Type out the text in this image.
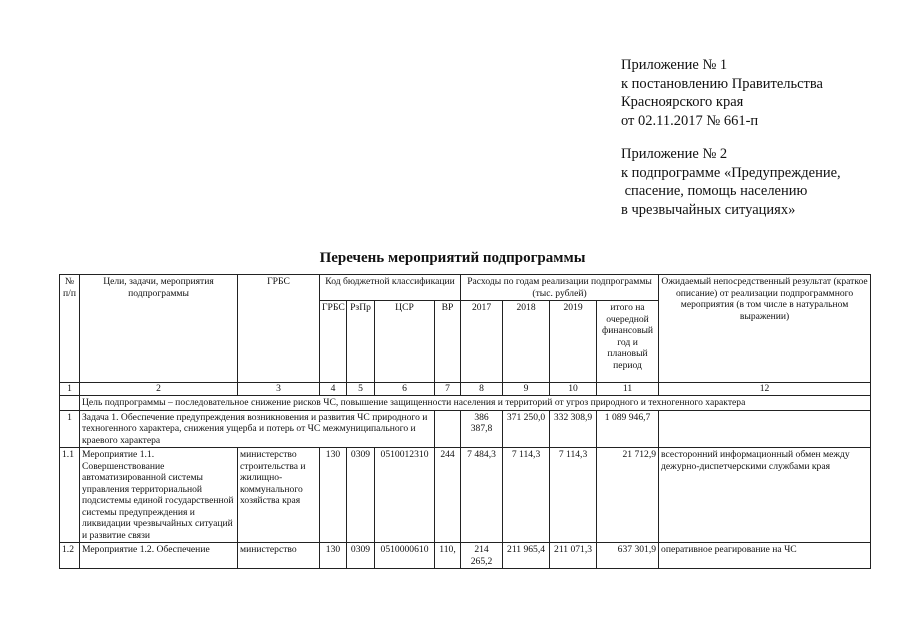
Приложение № 1
к постановлению Правительства
Красноярского края
от 02.11.2017 № 661-п
Приложение № 2
к подпрограмме «Предупреждение,
спасение, помощь населению
в чрезвычайных ситуациях»
Перечень мероприятий подпрограммы
№ п/п	Цели, задачи, мероприятия подпрограммы	ГРБС	Код бюджетной классификации				Расходы по годам реализации подпрограммы (тыс. рублей)				Ожидаемый непосредственный результат (краткое описание) от реализации подпрограммного мероприятия (в том числе в натуральном выражении)
			ГРБС	РзПр	ЦСР	ВР	2017	2018	2019	итого на очередной финансовый год и плановый период	
1	2	3	4	5	6	7	8	9	10	11	12
	Цель подпрограммы – последовательное снижение рисков ЧС, повышение защищенности населения и территорий от угроз природного и техногенного характера										
1	Задача 1. Обеспечение предупреждения возникновения и развития ЧС природного и техногенного характера, снижения ущерба и потерь от ЧС межмуниципального и краевого характера						386 387,8	371 250,0	332 308,9	1 089 946,7	
1.1	Мероприятие 1.1. Совершенствование автоматизированной системы управления территориальной подсистемы единой государственной системы предупреждения и ликвидации чрезвычайных ситуаций и развитие связи	министерство строительства и жилищно-коммунального хозяйства края	130	0309	0510012310	244	7 484,3	7 114,3	7 114,3	21 712,9	всесторонний информационный обмен между дежурно-диспетчерскими службами края
1.2	Мероприятие 1.2. Обеспечение	министерство	130	0309	0510000610	110,	214 265,2	211 965,4	211 071,3	637 301,9	оперативное реагирование на ЧС
